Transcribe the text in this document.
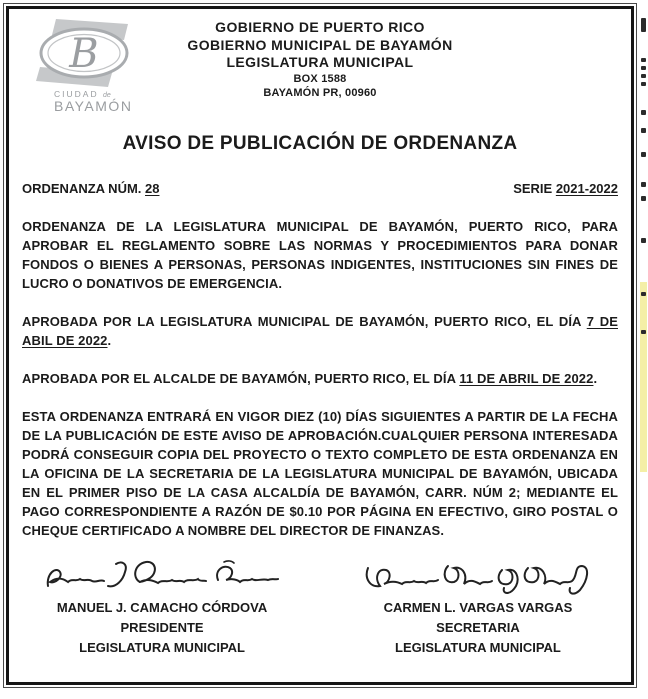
B
CIUDAD de
BAYAMÓN
GOBIERNO DE PUERTO RICO
GOBIERNO MUNICIPAL DE BAYAMÓN
LEGISLATURA MUNICIPAL
BOX 1588
BAYAMÓN PR, 00960
AVISO DE PUBLICACIÓN DE ORDENANZA
ORDENANZA NÚM. 28	SERIE 2021-2022
ORDENANZA DE LA LEGISLATURA MUNICIPAL DE BAYAMÓN, PUERTO RICO, PARA APROBAR EL REGLAMENTO SOBRE LAS NORMAS Y PROCEDIMIENTOS PARA DONAR FONDOS O BIENES A PERSONAS, PERSONAS INDIGENTES, INSTITUCIONES SIN FINES DE LUCRO O DONATIVOS DE EMERGENCIA.
APROBADA POR LA LEGISLATURA MUNICIPAL DE BAYAMÓN, PUERTO RICO, EL DÍA 7 DE ABIL DE 2022.
APROBADA POR EL ALCALDE DE BAYAMÓN, PUERTO RICO, EL DÍA 11 DE ABRIL DE 2022.
ESTA ORDENANZA ENTRARÁ EN VIGOR DIEZ (10) DÍAS SIGUIENTES A PARTIR DE LA FECHA DE LA PUBLICACIÓN DE ESTE AVISO DE APROBACIÓN.CUALQUIER PERSONA INTERESADA PODRÁ CONSEGUIR COPIA DEL PROYECTO O TEXTO COMPLETO DE ESTA ORDENANZA EN LA OFICINA DE LA SECRETARIA DE LA LEGISLATURA MUNICIPAL DE BAYAMÓN, UBICADA EN EL PRIMER PISO DE LA CASA ALCALDÍA DE BAYAMÓN, CARR. NÚM 2; MEDIANTE EL PAGO CORRESPONDIENTE A RAZÓN DE $0.10 POR PÁGINA EN EFECTIVO, GIRO POSTAL O CHEQUE CERTIFICADO A NOMBRE DEL DIRECTOR DE FINANZAS.
MANUEL J. CAMACHO CÓRDOVA
PRESIDENTE
LEGISLATURA MUNICIPAL
CARMEN L. VARGAS VARGAS
SECRETARIA
LEGISLATURA MUNICIPAL
